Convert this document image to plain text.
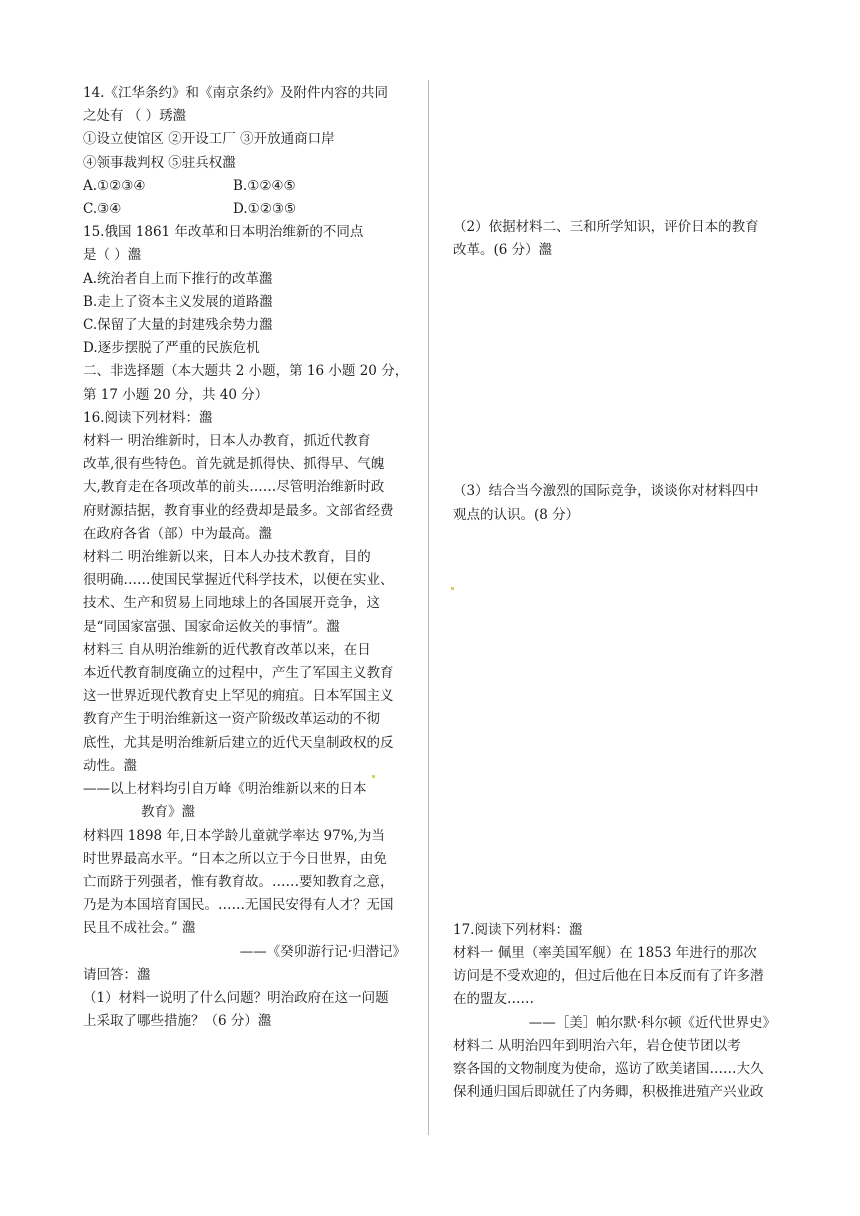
14.《江华条约》和《南京条约》及附件内容的共同
之处有 （ ）琇瀊
①设立使馆区 ②开设工厂 ③开放通商口岸
④领事裁判权 ⑤驻兵权瀊
A.①②③④	B.①②④⑤
C.③④	D.①②③⑤
15.俄国 1861 年改革和日本明治维新的不同点
是（ ）瀊
A.统治者自上而下推行的改革瀊
B.走上了资本主义发展的道路瀊
C.保留了大量的封建残余势力瀊
D.逐步摆脱了严重的民族危机
二、非选择题（本大题共 2 小题，第 16 小题 20 分，
第 17 小题 20 分，共 40 分）
16.阅读下列材料：瀊
材料一 明治维新时，日本人办教育，抓近代教育
改革,很有些特色。首先就是抓得快、抓得早、气魄
大,教育走在各项改革的前头……尽管明治维新时政
府财源拮据，教育事业的经费却是最多。文部省经费
在政府各省（部）中为最高。瀊
材料二 明治维新以来，日本人办技术教育，目的
很明确……使国民掌握近代科学技术，以便在实业、
技术、生产和贸易上同地球上的各国展开竞争，这
是“同国家富强、国家命运攸关的事情”。瀊
材料三 自从明治维新的近代教育改革以来，在日
本近代教育制度确立的过程中，产生了军国主义教育
这一世界近现代教育史上罕见的痈疽。日本军国主义
教育产生于明治维新这一资产阶级改革运动的不彻
底性，尤其是明治维新后建立的近代天皇制政权的反
动性。瀊
——以上材料均引自万峰《明治维新以来的日本
教育》瀊
材料四 1898 年,日本学龄儿童就学率达 97%,为当
时世界最高水平。“日本之所以立于今日世界，由免
亡而跻于列强者，惟有教育故。……要知教育之意，
乃是为本国培育国民。……无国民安得有人才？无国
民且不成社会。” 瀊
——《癸卯游行记·归潜记》
请回答：瀊
（1）材料一说明了什么问题？明治政府在这一问题
上采取了哪些措施？（6 分）瀊
（2）依据材料二、三和所学知识，评价日本的教育
改革。(6 分）瀊
（3）结合当今激烈的国际竞争，谈谈你对材料四中
观点的认识。(8 分）
17.阅读下列材料：瀊
材料一 佩里（率美国军舰）在 1853 年进行的那次
访问是不受欢迎的，但过后他在日本反而有了许多潜
在的盟友……
——［美］帕尔默·科尔顿《近代世界史》
材料二 从明治四年到明治六年，岩仓使节团以考
察各国的文物制度为使命，巡访了欧美诸国……大久
保利通归国后即就任了内务卿，积极推进殖产兴业政
